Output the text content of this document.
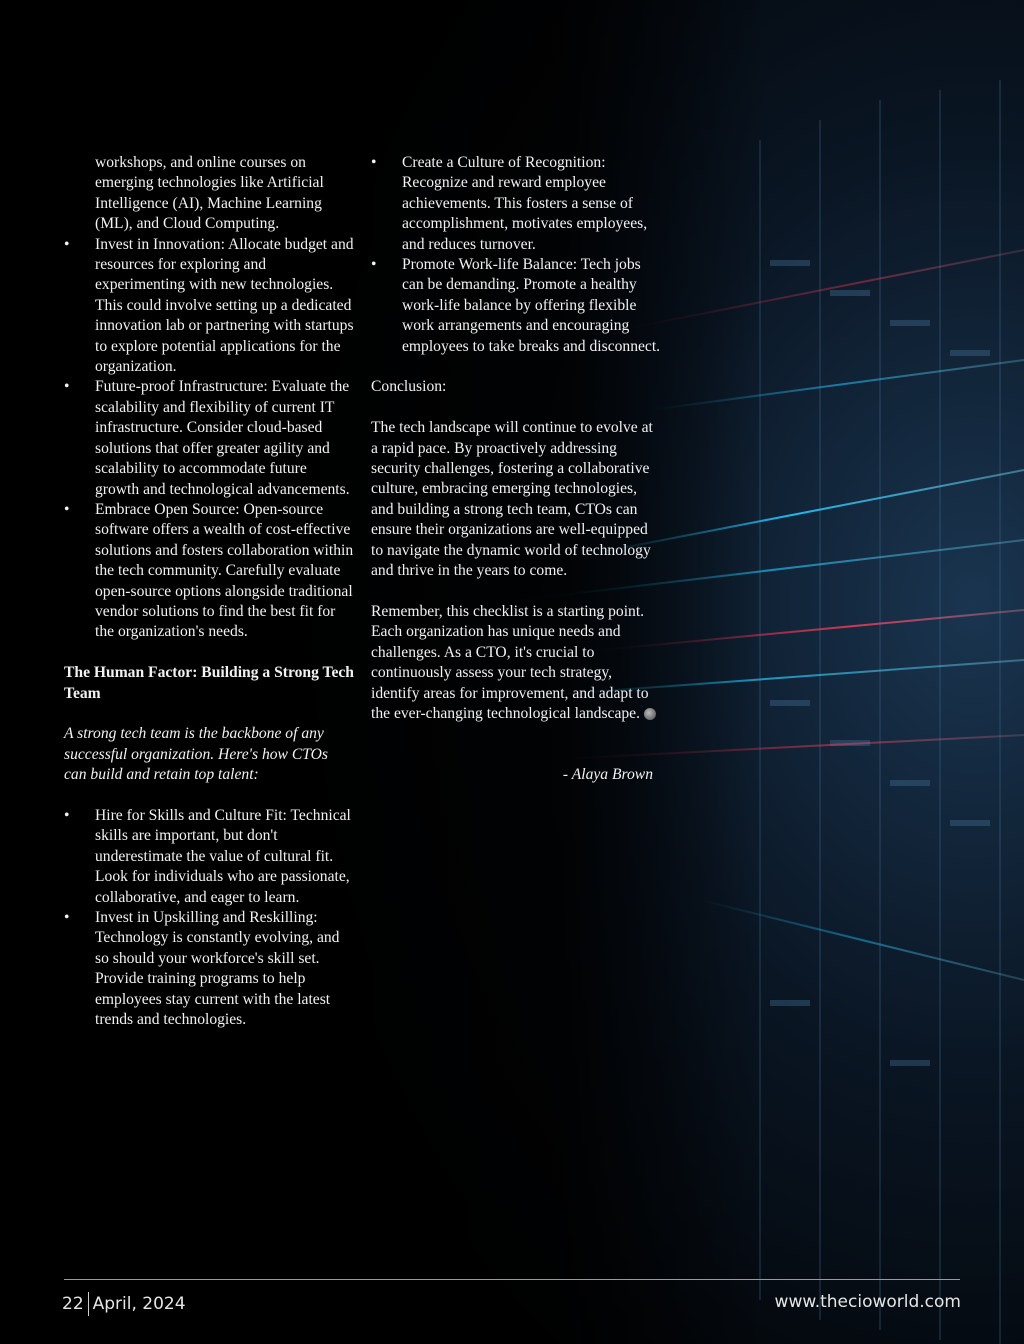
workshops, and online courses on emerging technologies like Artificial Intelligence (AI), Machine Learning (ML), and Cloud Computing.

• Invest in Innovation: Allocate budget and resources for exploring and experimenting with new technologies. This could involve setting up a dedicated innovation lab or partnering with startups to explore potential applications for the organization.
• Future-proof Infrastructure: Evaluate the scalability and flexibility of current IT infrastructure. Consider cloud-based solutions that offer greater agility and scalability to accommodate future growth and technological advancements.
• Embrace Open Source: Open-source software offers a wealth of cost-effective solutions and fosters collaboration within the tech community. Carefully evaluate open-source options alongside traditional vendor solutions to find the best fit for the organization's needs.

The Human Factor: Building a Strong Tech Team

A strong tech team is the backbone of any successful organization. Here's how CTOs can build and retain top talent:

• Hire for Skills and Culture Fit: Technical skills are important, but don't underestimate the value of cultural fit. Look for individuals who are passionate, collaborative, and eager to learn.
• Invest in Upskilling and Reskilling: Technology is constantly evolving, and so should your workforce's skill set. Provide training programs to help employees stay current with the latest trends and technologies.
• Create a Culture of Recognition: Recognize and reward employee achievements. This fosters a sense of accomplishment, motivates employees, and reduces turnover.
• Promote Work-life Balance: Tech jobs can be demanding. Promote a healthy work-life balance by offering flexible work arrangements and encouraging employees to take breaks and disconnect.

Conclusion:

The tech landscape will continue to evolve at a rapid pace. By proactively addressing security challenges, fostering a collaborative culture, embracing emerging technologies, and building a strong tech team, CTOs can ensure their organizations are well-equipped to navigate the dynamic world of technology and thrive in the years to come.

Remember, this checklist is a starting point. Each organization has unique needs and challenges. As a CTO, it's crucial to continuously assess your tech strategy, identify areas for improvement, and adapt to the ever-changing technological landscape.

- Alaya Brown

22 April, 2024	www.thecioworld.com
